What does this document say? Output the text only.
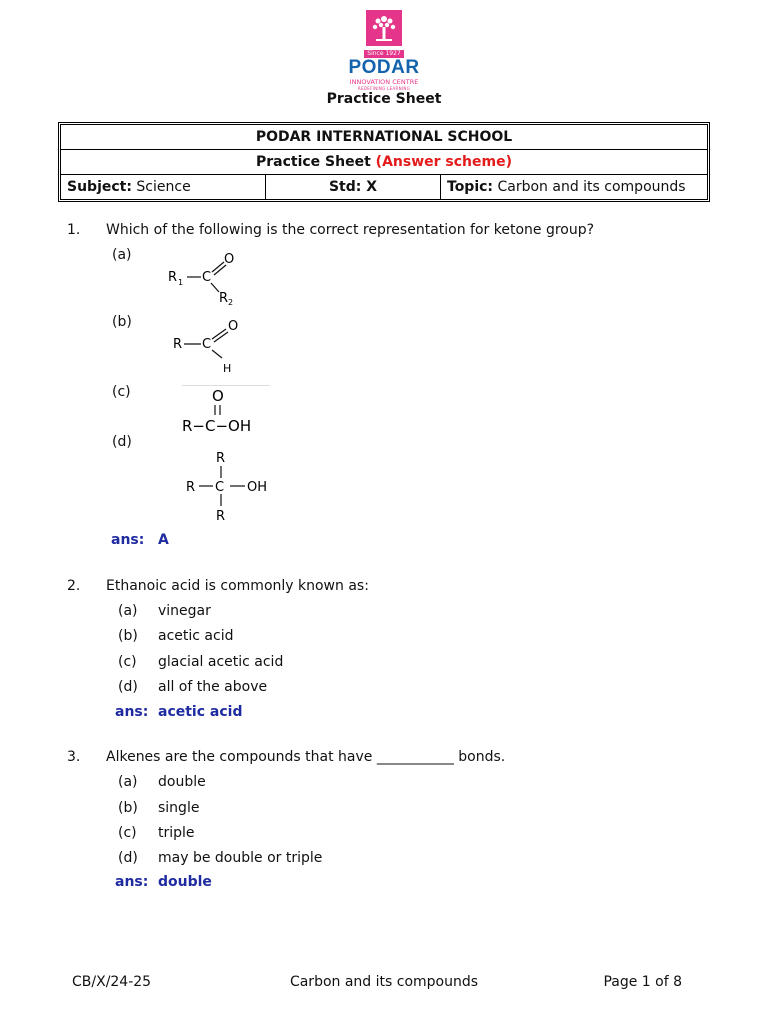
Since 1927
PODAR
INNOVATION CENTRE
REDEFINING LEARNING
Practice Sheet
PODAR INTERNATIONAL SCHOOL
Practice Sheet (Answer scheme)
Subject: Science	Std: X	Topic: Carbon and its compounds
1. Which of the following is the correct representation for ketone group?
(a)
R 1 C
O
R 2
(b)
R C
O
H
(c)	O
R−C−OH
(d)
R
R C OH
R
ans: A
2. Ethanoic acid is commonly known as:
(a) vinegar
(b) acetic acid
(c) glacial acetic acid
(d) all of the above
ans: acetic acid
3. Alkenes are the compounds that have ___________ bonds.
(a) double
(b) single
(c) triple
(d) may be double or triple
ans: double
CB/X/24-25	Carbon and its compounds	Page 1 of 8
